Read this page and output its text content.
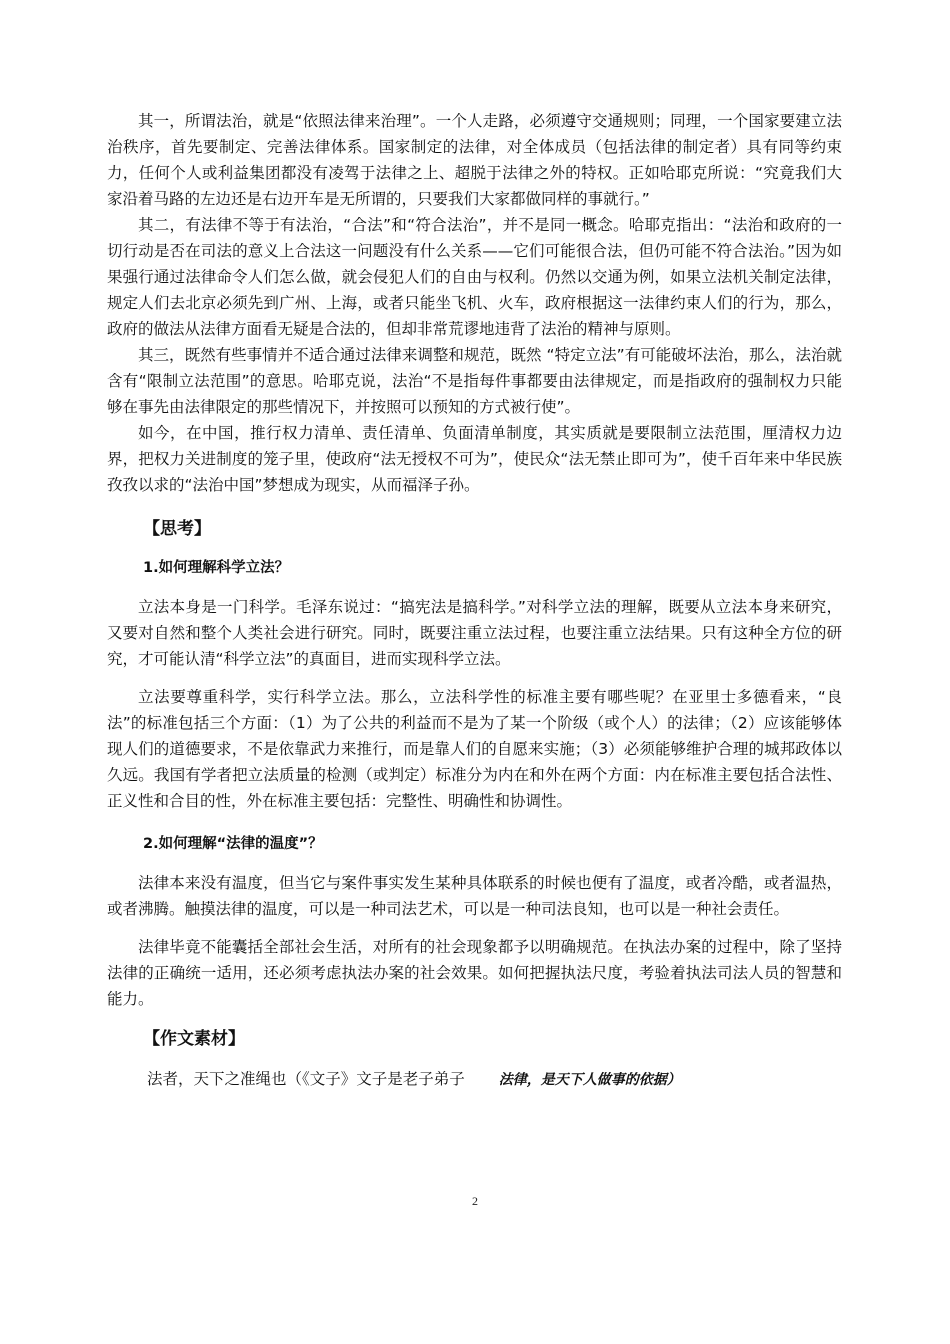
其一，所谓法治，就是“依照法律来治理”。一个人走路，必须遵守交通规则；同理，一个国家要建立法治秩序，首先要制定、完善法律体系。国家制定的法律，对全体成员（包括法律的制定者）具有同等约束力，任何个人或利益集团都没有凌驾于法律之上、超脱于法律之外的特权。正如哈耶克所说：“究竟我们大家沿着马路的左边还是右边开车是无所谓的，只要我们大家都做同样的事就行。”

其二，有法律不等于有法治，“合法”和“符合法治”，并不是同一概念。哈耶克指出：“法治和政府的一切行动是否在司法的意义上合法这一问题没有什么关系——它们可能很合法，但仍可能不符合法治。”因为如果强行通过法律命令人们怎么做，就会侵犯人们的自由与权利。仍然以交通为例，如果立法机关制定法律，规定人们去北京必须先到广州、上海，或者只能坐飞机、火车，政府根据这一法律约束人们的行为，那么，政府的做法从法律方面看无疑是合法的，但却非常荒谬地违背了法治的精神与原则。

其三，既然有些事情并不适合通过法律来调整和规范，既然 “特定立法”有可能破坏法治，那么，法治就含有“限制立法范围”的意思。哈耶克说，法治“不是指每件事都要由法律规定，而是指政府的强制权力只能够在事先由法律限定的那些情况下，并按照可以预知的方式被行使”。

如今，在中国，推行权力清单、责任清单、负面清单制度，其实质就是要限制立法范围，厘清权力边界，把权力关进制度的笼子里，使政府“法无授权不可为”，使民众“法无禁止即可为”，使千百年来中华民族孜孜以求的“法治中国”梦想成为现实，从而福泽子孙。

【思考】
1.如何理解科学立法？

立法本身是一门科学。毛泽东说过：“搞宪法是搞科学。”对科学立法的理解，既要从立法本身来研究，又要对自然和整个人类社会进行研究。同时，既要注重立法过程，也要注重立法结果。只有这种全方位的研究，才可能认清“科学立法”的真面目，进而实现科学立法。

立法要尊重科学，实行科学立法。那么，立法科学性的标准主要有哪些呢？在亚里士多德看来，“良法”的标准包括三个方面：（1）为了公共的利益而不是为了某一个阶级（或个人）的法律；（2）应该能够体现人们的道德要求，不是依靠武力来推行，而是靠人们的自愿来实施；（3）必须能够维护合理的城邦政体以久远。我国有学者把立法质量的检测（或判定）标准分为内在和外在两个方面：内在标准主要包括合法性、正义性和合目的性，外在标准主要包括：完整性、明确性和协调性。

2.如何理解“法律的温度”？

法律本来没有温度，但当它与案件事实发生某种具体联系的时候也便有了温度，或者冷酷，或者温热，或者沸腾。触摸法律的温度，可以是一种司法艺术，可以是一种司法良知，也可以是一种社会责任。

法律毕竟不能囊括全部社会生活，对所有的社会现象都予以明确规范。在执法办案的过程中，除了坚持法律的正确统一适用，还必须考虑执法办案的社会效果。如何把握执法尺度，考验着执法司法人员的智慧和能力。

【作文素材】
法者，天下之准绳也（《文子》文子是老子弟子 法律，是天下人做事的依据）
2
